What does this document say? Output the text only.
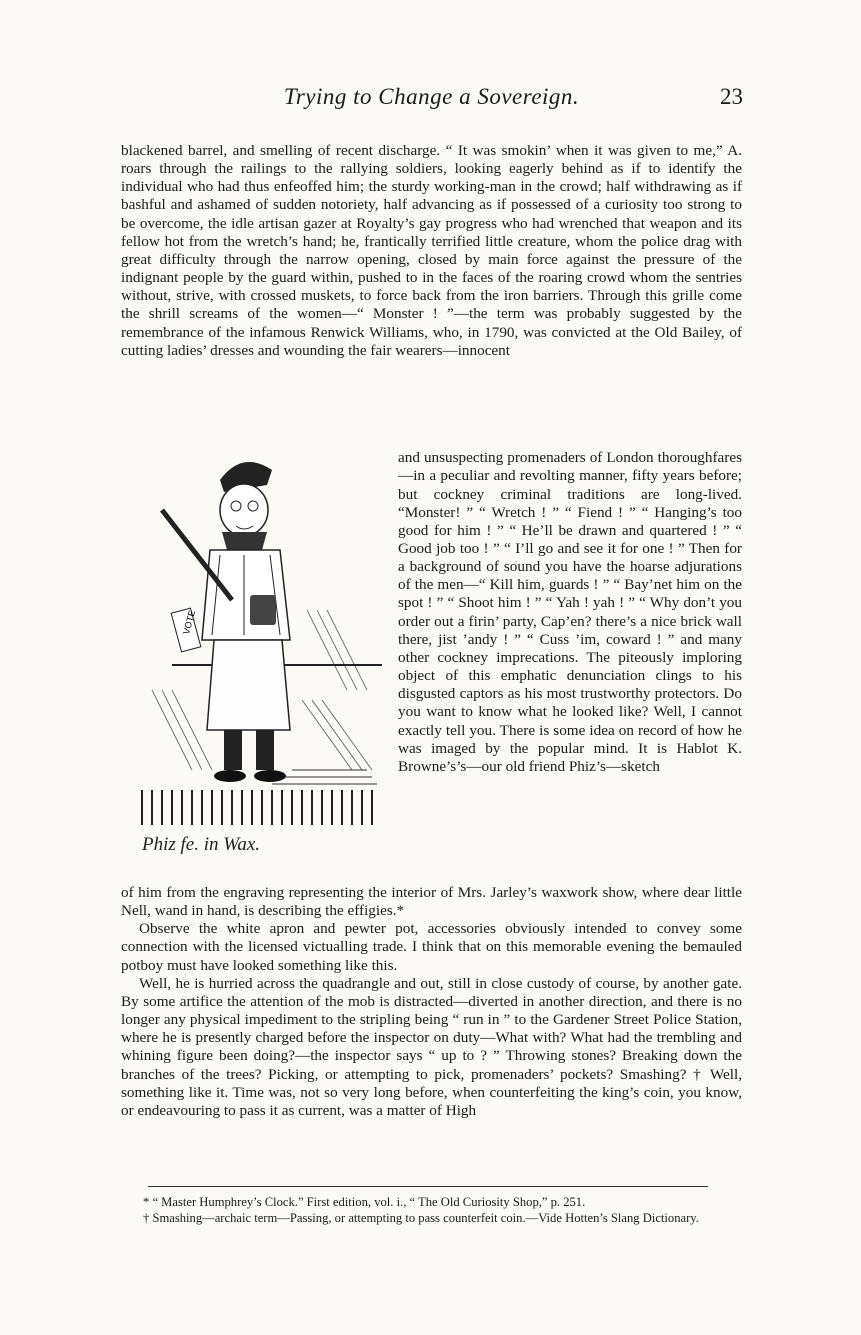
Trying to Change a Sovereign.	23

blackened barrel, and smelling of recent discharge. “ It was smokin’ when it was given to me,” A. roars through the railings to the rallying soldiers, looking eagerly behind as if to identify the individual who had thus enfeoffed him; the sturdy working-man in the crowd; half withdrawing as if bashful and ashamed of sudden notoriety, half advancing as if possessed of a curiosity too strong to be overcome, the idle artisan gazer at Royalty’s gay progress who had wrenched that weapon and its fellow hot from the wretch’s hand; he, frantically terrified little creature, whom the police drag with great difficulty through the narrow opening, closed by main force against the pressure of the indignant people by the guard within, pushed to in the faces of the roaring crowd whom the sentries without, strive, with crossed muskets, to force back from the iron barriers. Through this grille come the shrill screams of the women—“ Monster ! ”—the term was probably suggested by the remembrance of the infamous Renwick Williams, who, in 1790, was convicted at the Old Bailey, of cutting ladies’ dresses and wounding the fair wearers—innocent

and unsuspecting promenaders of London thoroughfares—in a peculiar and revolting manner, fifty years before; but cockney criminal traditions are long-lived. “Monster! ” “ Wretch ! ” “ Fiend ! ” “ Hanging’s too good for him ! ” “ He’ll be drawn and quartered ! ” “ Good job too ! ” “ I’ll go and see it for one ! ” Then for a background of sound you have the hoarse adjurations of the men—“ Kill him, guards ! ” “ Bay’net him on the spot ! ” “ Shoot him ! ” “ Yah ! yah ! ” “ Why don’t you order out a firin’ party, Cap’en? there’s a nice brick wall there, jist ’andy ! ” “ Cuss ’im, coward ! ” and many other cockney imprecations. The piteously imploring object of this emphatic denunciation clings to his disgusted captors as his most trustworthy protectors. Do you want to know what he looked like? Well, I cannot exactly tell you. There is some idea on record of how he was imaged by the popular mind. It is Hablot K. Browne’s’s—our old friend Phiz’s—sketch

VOTE
Phiz fe. in Wax.

of him from the engraving representing the interior of Mrs. Jarley’s waxwork show, where dear little Nell, wand in hand, is describing the effigies.*

Observe the white apron and pewter pot, accessories obviously intended to convey some connection with the licensed victualling trade. I think that on this memorable evening the bemauled potboy must have looked something like this.

Well, he is hurried across the quadrangle and out, still in close custody of course, by another gate. By some artifice the attention of the mob is distracted—diverted in another direction, and there is no longer any physical impediment to the stripling being “ run in ” to the Gardener Street Police Station, where he is presently charged before the inspector on duty—What with? What had the trembling and whining figure been doing?—the inspector says “ up to ? ” Throwing stones? Breaking down the branches of the trees? Picking, or attempting to pick, promenaders’ pockets? Smashing? † Well, something like it. Time was, not so very long before, when counterfeiting the king’s coin, you know, or endeavouring to pass it as current, was a matter of High

* “ Master Humphrey’s Clock.” First edition, vol. i., “ The Old Curiosity Shop,” p. 251.

† Smashing—archaic term—Passing, or attempting to pass counterfeit coin.—Vide Hotten’s Slang Dictionary.
